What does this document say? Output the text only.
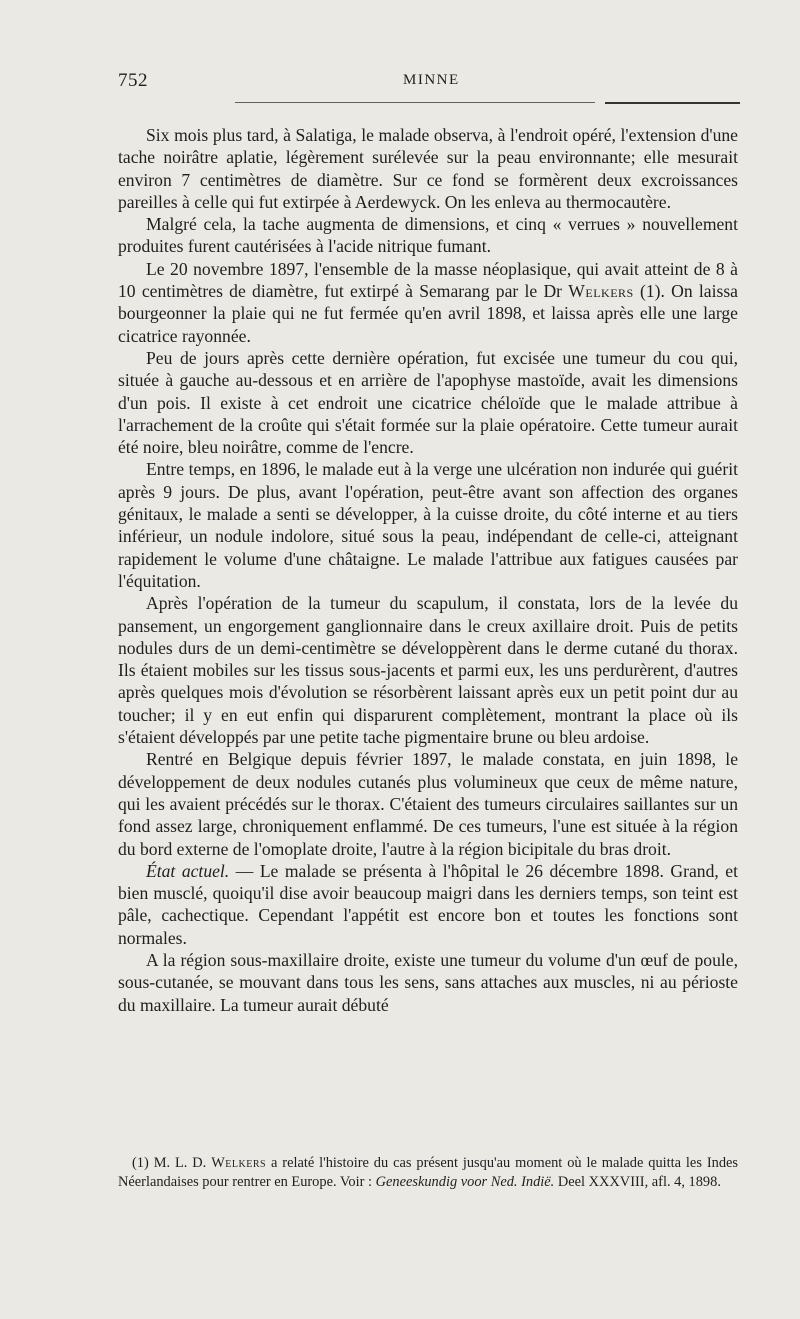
752	MINNE

Six mois plus tard, à Salatiga, le malade observa, à l'endroit opéré, l'extension d'une tache noirâtre aplatie, légèrement surélevée sur la peau environnante; elle mesurait environ 7 centimètres de diamètre. Sur ce fond se formèrent deux excroissances pareilles à celle qui fut extirpée à Aerdewyck. On les enleva au thermocautère.

Malgré cela, la tache augmenta de dimensions, et cinq « verrues » nouvellement produites furent cautérisées à l'acide nitrique fumant.

Le 20 novembre 1897, l'ensemble de la masse néoplasique, qui avait atteint de 8 à 10 centimètres de diamètre, fut extirpé à Semarang par le Dr Welkers (1). On laissa bourgeonner la plaie qui ne fut fermée qu'en avril 1898, et laissa après elle une large cicatrice rayonnée.

Peu de jours après cette dernière opération, fut excisée une tumeur du cou qui, située à gauche au-dessous et en arrière de l'apophyse mastoïde, avait les dimensions d'un pois. Il existe à cet endroit une cicatrice chéloïde que le malade attribue à l'arrachement de la croûte qui s'était formée sur la plaie opératoire. Cette tumeur aurait été noire, bleu noirâtre, comme de l'encre.

Entre temps, en 1896, le malade eut à la verge une ulcération non indurée qui guérit après 9 jours. De plus, avant l'opération, peut-être avant son affection des organes génitaux, le malade a senti se développer, à la cuisse droite, du côté interne et au tiers inférieur, un nodule indolore, situé sous la peau, indépendant de celle-ci, atteignant rapidement le volume d'une châtaigne. Le malade l'attribue aux fatigues causées par l'équitation.

Après l'opération de la tumeur du scapulum, il constata, lors de la levée du pansement, un engorgement ganglionnaire dans le creux axillaire droit. Puis de petits nodules durs de un demi-centimètre se développèrent dans le derme cutané du thorax. Ils étaient mobiles sur les tissus sous-jacents et parmi eux, les uns perdurèrent, d'autres après quelques mois d'évolution se résorbèrent laissant après eux un petit point dur au toucher; il y en eut enfin qui disparurent complètement, montrant la place où ils s'étaient développés par une petite tache pigmentaire brune ou bleu ardoise.

Rentré en Belgique depuis février 1897, le malade constata, en juin 1898, le développement de deux nodules cutanés plus volumineux que ceux de même nature, qui les avaient précédés sur le thorax. C'étaient des tumeurs circulaires saillantes sur un fond assez large, chroniquement enflammé. De ces tumeurs, l'une est située à la région du bord externe de l'omoplate droite, l'autre à la région bicipitale du bras droit.

État actuel. — Le malade se présenta à l'hôpital le 26 décembre 1898. Grand, et bien musclé, quoiqu'il dise avoir beaucoup maigri dans les derniers temps, son teint est pâle, cachectique. Cependant l'appétit est encore bon et toutes les fonctions sont normales.

A la région sous-maxillaire droite, existe une tumeur du volume d'un œuf de poule, sous-cutanée, se mouvant dans tous les sens, sans attaches aux muscles, ni au périoste du maxillaire. La tumeur aurait débuté

(1) M. L. D. Welkers a relaté l'histoire du cas présent jusqu'au moment où le malade quitta les Indes Néerlandaises pour rentrer en Europe. Voir : Geneeskundig voor Ned. Indië. Deel XXXVIII, afl. 4, 1898.
